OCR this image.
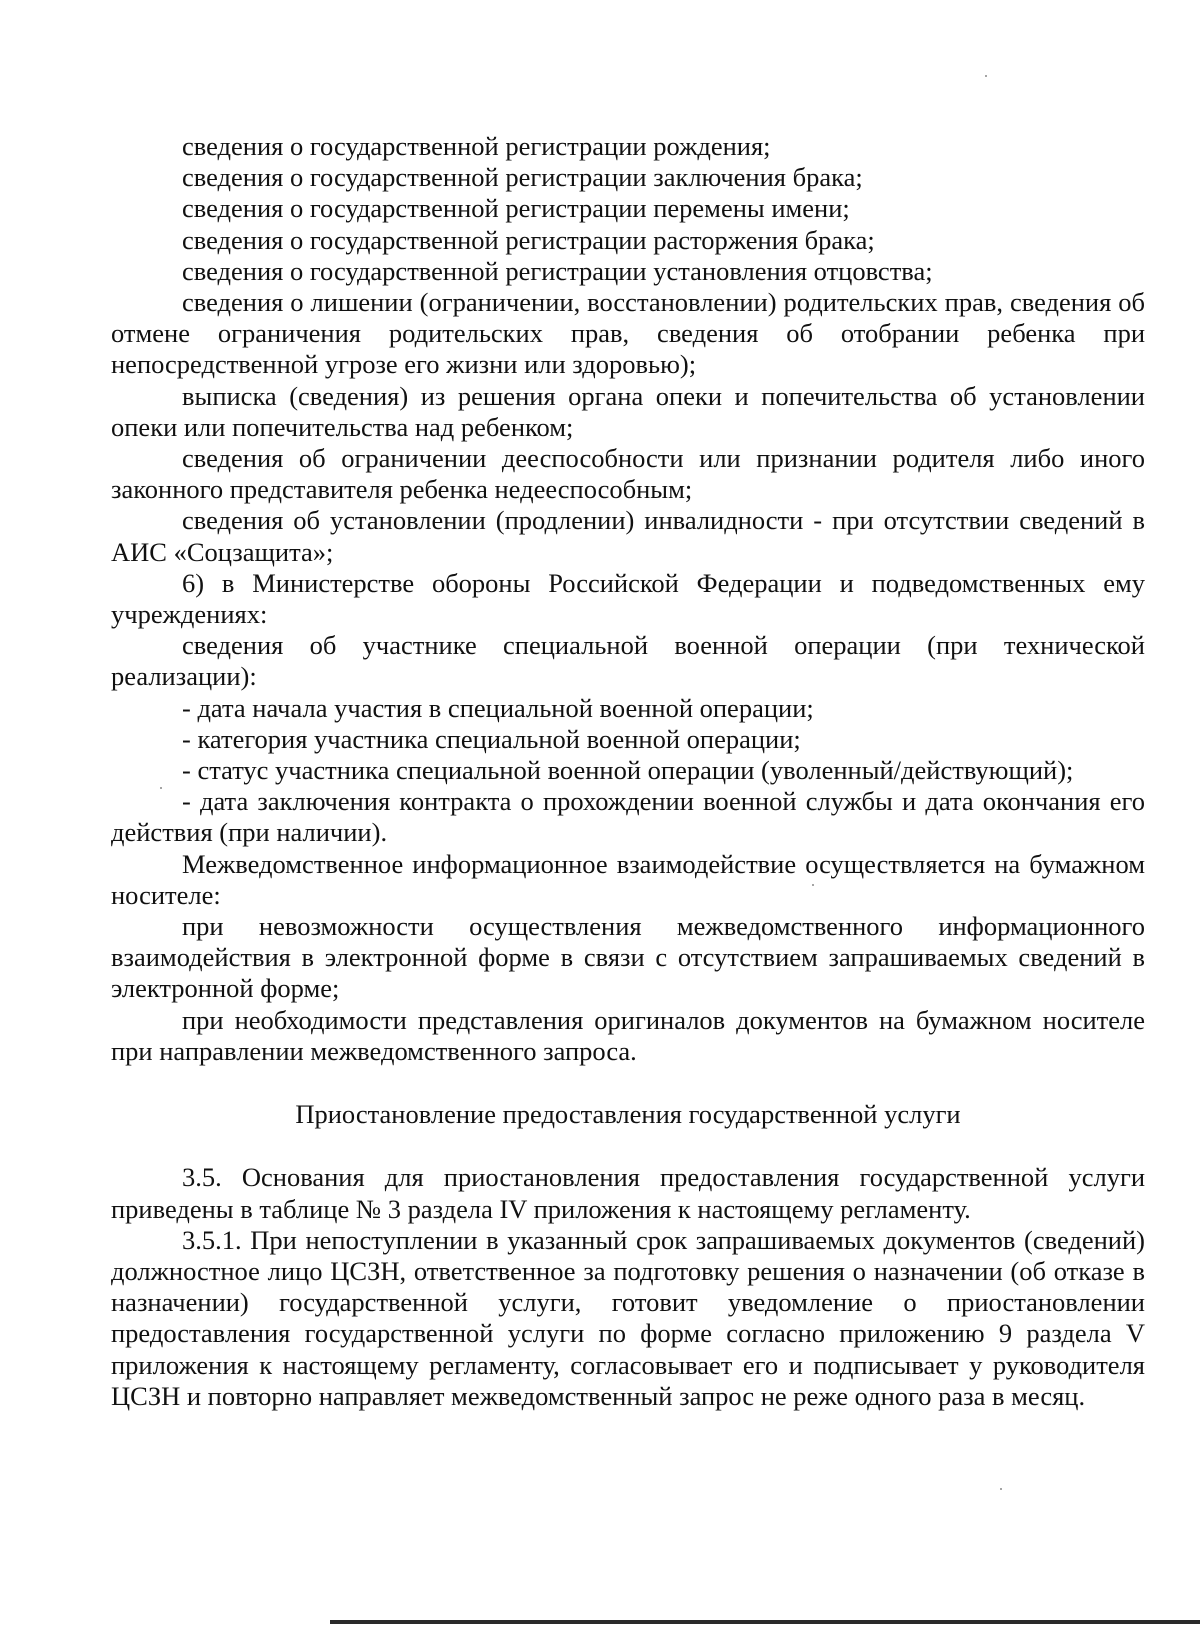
сведения о государственной регистрации рождения;

сведения о государственной регистрации заключения брака;

сведения о государственной регистрации перемены имени;

сведения о государственной регистрации расторжения брака;

сведения о государственной регистрации установления отцовства;

сведения о лишении (ограничении, восстановлении) родительских прав, сведения об отмене ограничения родительских прав, сведения об отобрании ребенка при непосредственной угрозе его жизни или здоровью);

выписка (сведения) из решения органа опеки и попечительства об установлении опеки или попечительства над ребенком;

сведения об ограничении дееспособности или признании родителя либо иного законного представителя ребенка недееспособным;

сведения об установлении (продлении) инвалидности - при отсутствии сведений в АИС «Соцзащита»;

6) в Министерстве обороны Российской Федерации и подведомственных ему учреждениях:

сведения об участнике специальной военной операции (при технической реализации):

- дата начала участия в специальной военной операции;

- категория участника специальной военной операции;

- статус участника специальной военной операции (уволенный/действующий);

- дата заключения контракта о прохождении военной службы и дата окончания его действия (при наличии).

Межведомственное информационное взаимодействие осуществляется на бумажном носителе:

при невозможности осуществления межведомственного информационного взаимодействия в электронной форме в связи с отсутствием запрашиваемых сведений в электронной форме;

при необходимости представления оригиналов документов на бумажном носителе при направлении межведомственного запроса.

Приостановление предоставления государственной услуги

3.5. Основания для приостановления предоставления государственной услуги приведены в таблице № 3 раздела IV приложения к настоящему регламенту.

3.5.1. При непоступлении в указанный срок запрашиваемых документов (сведений) должностное лицо ЦСЗН, ответственное за подготовку решения о назначении (об отказе в назначении) государственной услуги, готовит уведомление о приостановлении предоставления государственной услуги по форме согласно приложению 9 раздела V приложения к настоящему регламенту, согласовывает его и подписывает у руководителя ЦСЗН и повторно направляет межведомственный запрос не реже одного раза в месяц.
